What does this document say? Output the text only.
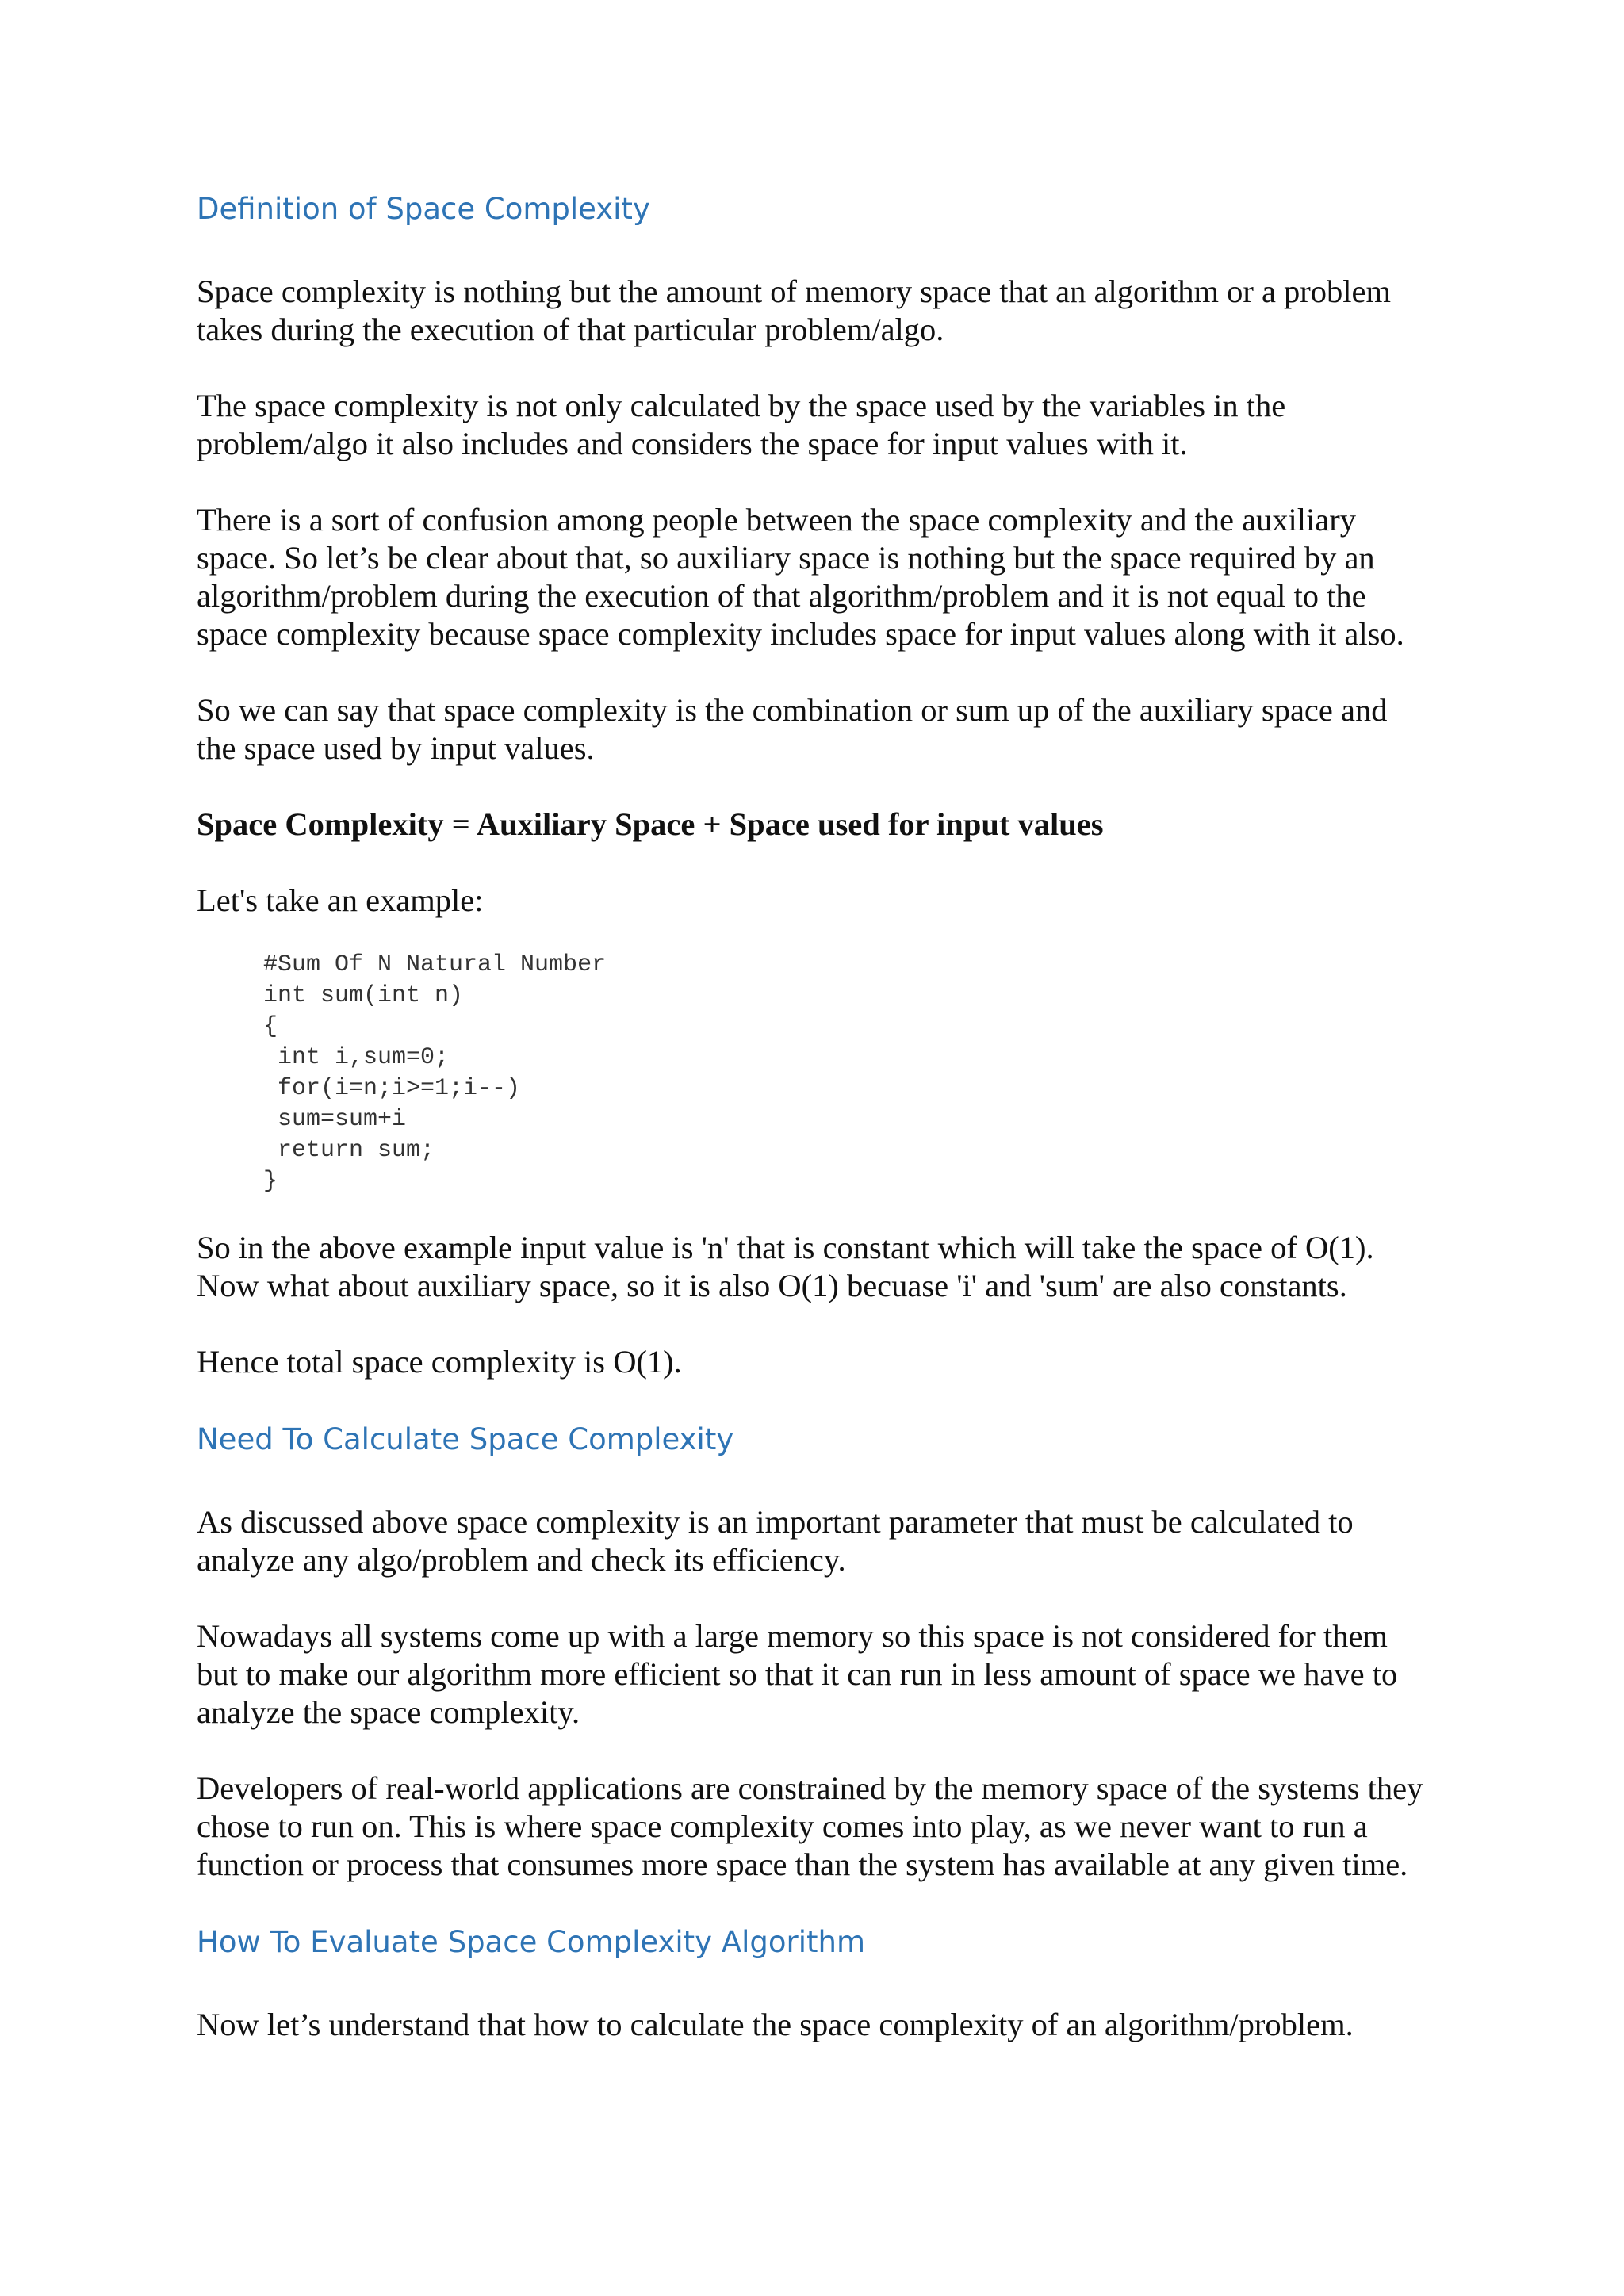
Definition of Space Complexity

Space complexity is nothing but the amount of memory space that an algorithm or a problem takes during the execution of that particular problem/algo.

The space complexity is not only calculated by the space used by the variables in the problem/algo it also includes and considers the space for input values with it.

There is a sort of confusion among people between the space complexity and the auxiliary space. So let’s be clear about that, so auxiliary space is nothing but the space required by an algorithm/problem during the execution of that algorithm/problem and it is not equal to the space complexity because space complexity includes space for input values along with it also.

So we can say that space complexity is the combination or sum up of the auxiliary space and the space used by input values.

Space Complexity = Auxiliary Space + Space used for input values

Let's take an example:

#Sum Of N Natural Number
int sum(int n)
{
int i,sum=0;
for(i=n;i>=1;i--)
sum=sum+i
return sum;
}

So in the above example input value is 'n' that is constant which will take the space of O(1). Now what about auxiliary space, so it is also O(1) becuase 'i' and 'sum' are also constants.

Hence total space complexity is O(1).

Need To Calculate Space Complexity

As discussed above space complexity is an important parameter that must be calculated to analyze any algo/problem and check its efficiency.

Nowadays all systems come up with a large memory so this space is not considered for them but to make our algorithm more efficient so that it can run in less amount of space we have to analyze the space complexity.

Developers of real-world applications are constrained by the memory space of the systems they chose to run on. This is where space complexity comes into play, as we never want to run a function or process that consumes more space than the system has available at any given time.

How To Evaluate Space Complexity Algorithm

Now let’s understand that how to calculate the space complexity of an algorithm/problem.
